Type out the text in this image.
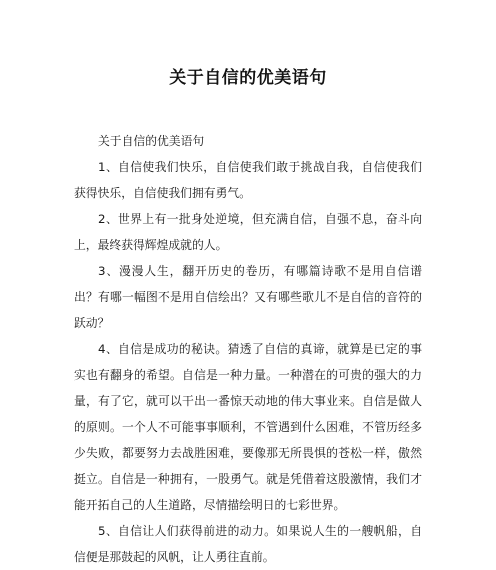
关于自信的优美语句

关于自信的优美语句

1、自信使我们快乐，自信使我们敢于挑战自我，自信使我们获得快乐，自信使我们拥有勇气。

2、世界上有一批身处逆境，但充满自信，自强不息，奋斗向上，最终获得辉煌成就的人。

3、漫漫人生，翻开历史的卷历，有哪篇诗歌不是用自信谱出？有哪一幅图不是用自信绘出？又有哪些歌儿不是自信的音符的跃动？

4、自信是成功的秘诀。猜透了自信的真谛，就算是已定的事实也有翻身的希望。自信是一种力量。一种潜在的可贵的强大的力量，有了它，就可以干出一番惊天动地的伟大事业来。自信是做人的原则。一个人不可能事事顺利，不管遇到什么困难，不管历经多少失败，都要努力去战胜困难，要像那无所畏惧的苍松一样，傲然挺立。自信是一种拥有，一股勇气。就是凭借着这股激情，我们才能开拓自己的人生道路，尽情描绘明日的七彩世界。

5、自信让人们获得前进的动力。如果说人生的一艘帆船，自信便是那鼓起的风帆，让人勇往直前。
